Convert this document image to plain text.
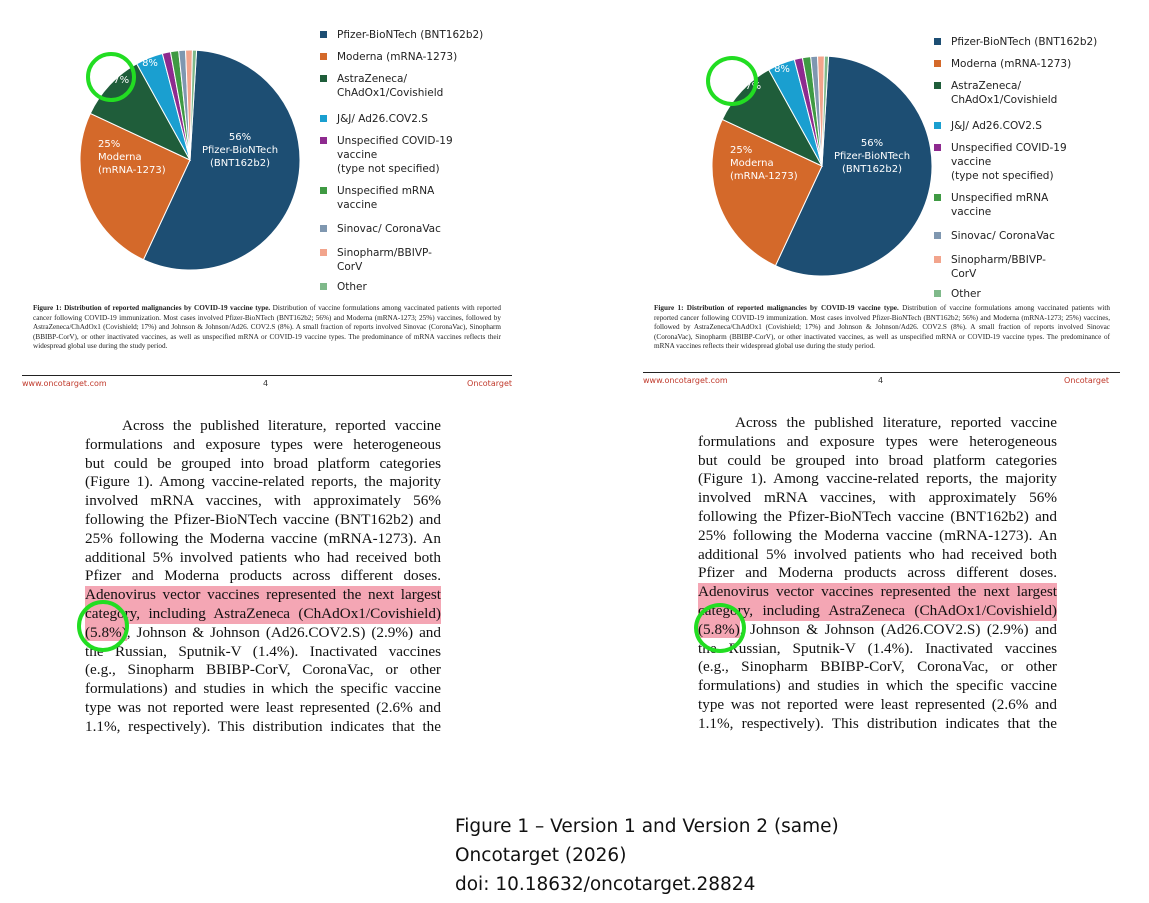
56% Pfizer-BioNTech (BNT162b2)
25% Moderna (mRNA-1273)
AZ 17%
JJ 8%
Pfizer-BioNTech (BNT162b2)
Moderna (mRNA-1273)
AstraZeneca/
ChAdOx1/Covishield
J&J/ Ad26.COV2.S
Unspecified COVID-19
vaccine
(type not specified)
Unspecified mRNA
vaccine
Sinovac/ CoronaVac
Sinopharm/BBIVP-
CorV
Other
Figure 1: Distribution of reported malignancies by COVID-19 vaccine type. Distribution of vaccine formulations among vaccinated patients with reported cancer following COVID-19 immunization. Most cases involved Pfizer-BioNTech (BNT162b2; 56%) and Moderna (mRNA-1273; 25%) vaccines, followed by AstraZeneca/ChAdOx1 (Covishield; 17%) and Johnson & Johnson/Ad26. COV2.S (8%). A small fraction of reports involved Sinovac (CoronaVac), Sinopharm (BBIBP-CorV), or other inactivated vaccines, as well as unspecified mRNA or COVID-19 vaccine types. The predominance of mRNA vaccines reflects their widespread global use during the study period.
www.oncotarget.com	4	Oncotarget
Across the published literature, reported vaccine
formulations and exposure types were heterogeneous
but could be grouped into broad platform categories
(Figure 1). Among vaccine-related reports, the majority
involved mRNA vaccines, with approximately 56%
following the Pfizer-BioNTech vaccine (BNT162b2) and
25% following the Moderna vaccine (mRNA-1273). An
additional 5% involved patients who had received both
Pfizer and Moderna products across different doses.
Adenovirus vector vaccines represented the next largest
category, including AstraZeneca (ChAdOx1/Covishield)
(5.8%), Johnson & Johnson (Ad26.COV2.S) (2.9%) and
the Russian, Sputnik-V (1.4%). Inactivated vaccines
(e.g., Sinopharm BBIBP-CorV, CoronaVac, or other
formulations) and studies in which the specific vaccine
type was not reported were least represented (2.6% and
1.1%, respectively). This distribution indicates that the
56% Pfizer-BioNTech (BNT162b2)
25% Moderna (mRNA-1273)
AZ 17%
JJ 8%
Pfizer-BioNTech (BNT162b2)
Moderna (mRNA-1273)
AstraZeneca/
ChAdOx1/Covishield
J&J/ Ad26.COV2.S
Unspecified COVID-19
vaccine
(type not specified)
Unspecified mRNA
vaccine
Sinovac/ CoronaVac
Sinopharm/BBIVP-
CorV
Other
Figure 1: Distribution of reported malignancies by COVID-19 vaccine type. Distribution of vaccine formulations among vaccinated patients with reported cancer following COVID-19 immunization. Most cases involved Pfizer-BioNTech (BNT162b2; 56%) and Moderna (mRNA-1273; 25%) vaccines, followed by AstraZeneca/ChAdOx1 (Covishield; 17%) and Johnson & Johnson/Ad26. COV2.S (8%). A small fraction of reports involved Sinovac (CoronaVac), Sinopharm (BBIBP-CorV), or other inactivated vaccines, as well as unspecified mRNA or COVID-19 vaccine types. The predominance of mRNA vaccines reflects their widespread global use during the study period.
www.oncotarget.com	4	Oncotarget
Across the published literature, reported vaccine
formulations and exposure types were heterogeneous
but could be grouped into broad platform categories
(Figure 1). Among vaccine-related reports, the majority
involved mRNA vaccines, with approximately 56%
following the Pfizer-BioNTech vaccine (BNT162b2) and
25% following the Moderna vaccine (mRNA-1273). An
additional 5% involved patients who had received both
Pfizer and Moderna products across different doses.
Adenovirus vector vaccines represented the next largest
category, including AstraZeneca (ChAdOx1/Covishield)
(5.8%), Johnson & Johnson (Ad26.COV2.S) (2.9%) and
the Russian, Sputnik-V (1.4%). Inactivated vaccines
(e.g., Sinopharm BBIBP-CorV, CoronaVac, or other
formulations) and studies in which the specific vaccine
type was not reported were least represented (2.6% and
1.1%, respectively). This distribution indicates that the
Figure 1 – Version 1 and Version 2 (same)
Oncotarget (2026)
doi: 10.18632/oncotarget.28824
